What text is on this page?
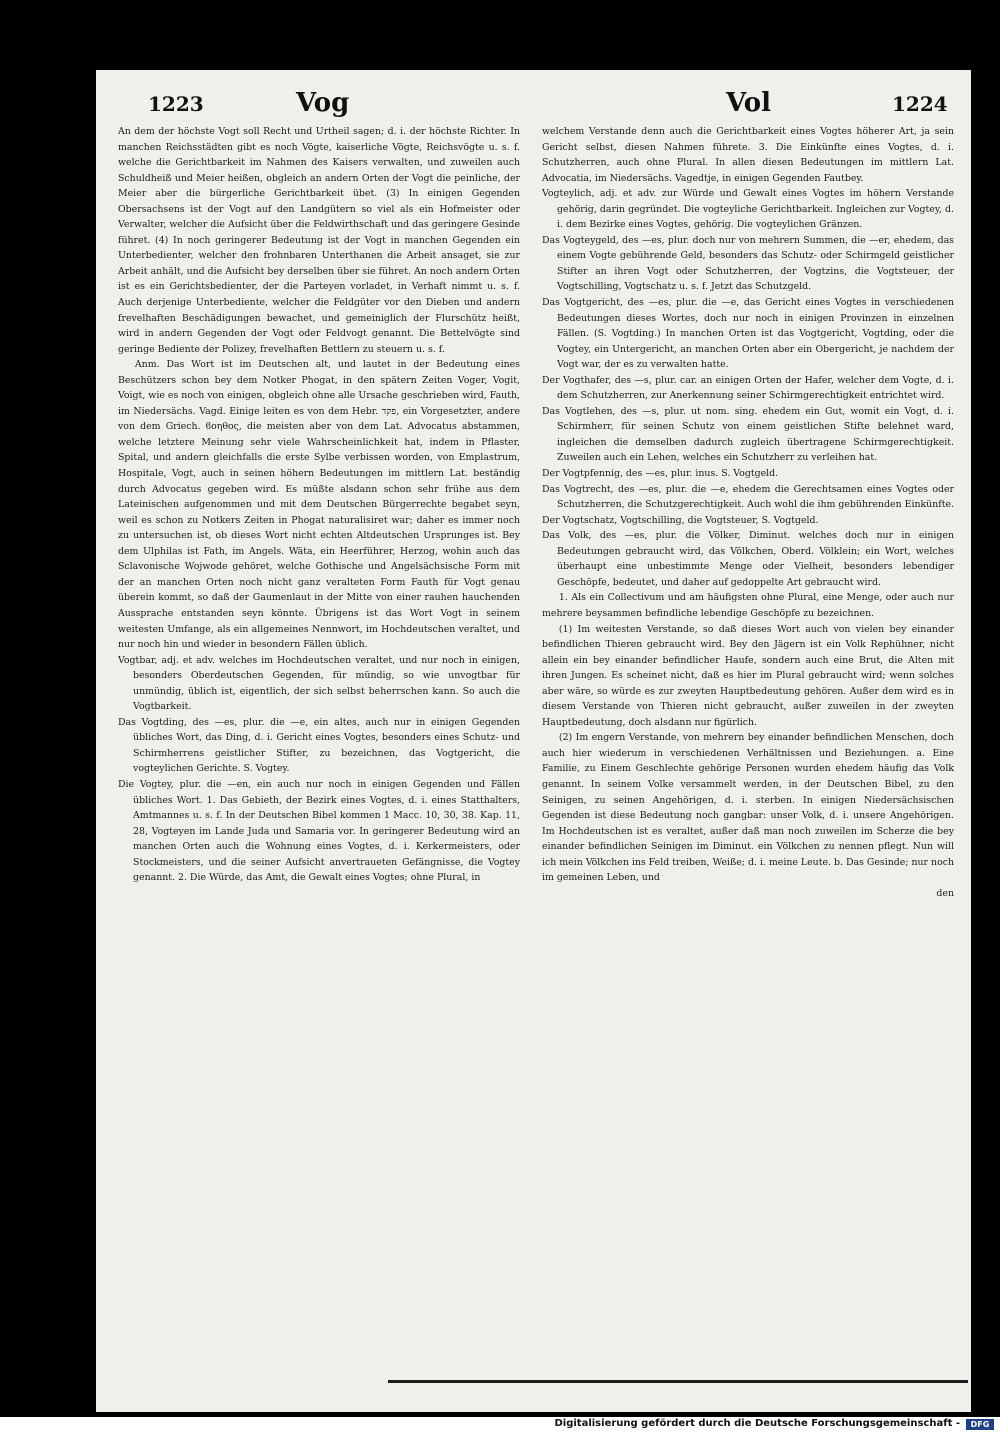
1223	Vog	Vol	1224

An dem der höchste Vogt soll Recht und Urtheil sagen; d. i. der höchste Richter. In manchen Reichsstädten gibt es noch Vögte, kaiserliche Vögte, Reichsvögte u. s. f. welche die Gerichtbarkeit im Nahmen des Kaisers verwalten, und zuweilen auch Schuldheiß und Meier heißen, obgleich an andern Orten der Vogt die peinliche, der Meier aber die bürgerliche Gerichtbarkeit übet. (3) In einigen Gegenden Obersachsens ist der Vogt auf den Landgütern so viel als ein Hofmeister oder Verwalter, welcher die Aufsicht über die Feldwirthschaft und das geringere Gesinde führet. (4) In noch geringerer Bedeutung ist der Vogt in manchen Gegenden ein Unterbedienter, welcher den frohnbaren Unterthanen die Arbeit ansaget, sie zur Arbeit anhält, und die Aufsicht bey derselben über sie führet. An noch andern Orten ist es ein Gerichtsbedienter, der die Parteyen vorladet, in Verhaft nimmt u. s. f. Auch derjenige Unterbediente, welcher die Feldgüter vor den Dieben und andern frevelhaften Beschädigungen bewachet, und gemeiniglich der Flurschütz heißt, wird in andern Gegenden der Vogt oder Feldvogt genannt. Die Bettelvögte sind geringe Bediente der Polizey, frevelhaften Bettlern zu steuern u. s. f.

Anm. Das Wort ist im Deutschen alt, und lautet in der Bedeutung eines Beschützers schon bey dem Notker Phogat, in den spätern Zeiten Voger, Vogit, Voigt, wie es noch von einigen, obgleich ohne alle Ursache geschrieben wird, Fauth, im Niedersächs. Vagd. Einige leiten es von dem Hebr. פקד, ein Vorgesetzter, andere von dem Griech. ϐοηθος, die meisten aber von dem Lat. Advocatus abstammen, welche letztere Meinung sehr viele Wahrscheinlichkeit hat, indem in Pflaster, Spital, und andern gleichfalls die erste Sylbe verbissen worden, von Emplastrum, Hospitale, Vogt, auch in seinen höhern Bedeutungen im mittlern Lat. beständig durch Advocatus gegeben wird. Es müßte alsdann schon sehr frühe aus dem Lateinischen aufgenommen und mit dem Deutschen Bürgerrechte begabet seyn, weil es schon zu Notkers Zeiten in Phogat naturalisiret war; daher es immer noch zu untersuchen ist, ob dieses Wort nicht echten Altdeutschen Ursprunges ist. Bey dem Ulphilas ist Fath, im Angels. Wäta, ein Heerführer, Herzog, wohin auch das Sclavonische Wojwode gehöret, welche Gothische und Angelsächsische Form mit der an manchen Orten noch nicht ganz veralteten Form Fauth für Vogt genau überein kommt, so daß der Gaumenlaut in der Mitte von einer rauhen hauchenden Aussprache entstanden seyn könnte. Übrigens ist das Wort Vogt in seinem weitesten Umfange, als ein allgemeines Nennwort, im Hochdeutschen veraltet, und nur noch hin und wieder in besondern Fällen üblich.

Vogtbar, adj. et adv. welches im Hochdeutschen veraltet, und nur noch in einigen, besonders Oberdeutschen Gegenden, für mündig, so wie unvogtbar für unmündig, üblich ist, eigentlich, der sich selbst beherrschen kann. So auch die Vogtbarkeit.

Das Vogtding, des —es, plur. die —e, ein altes, auch nur in einigen Gegenden übliches Wort, das Ding, d. i. Gericht eines Vogtes, besonders eines Schutz- und Schirmherrens geistlicher Stifter, zu bezeichnen, das Vogtgericht, die vogteylichen Gerichte. S. Vogtey.

Die Vogtey, plur. die —en, ein auch nur noch in einigen Gegenden und Fällen übliches Wort. 1. Das Gebieth, der Bezirk eines Vogtes, d. i. eines Statthalters, Amtmannes u. s. f. In der Deutschen Bibel kommen 1 Macc. 10, 30, 38. Kap. 11, 28, Vogteyen im Lande Juda und Samaria vor. In geringerer Bedeutung wird an manchen Orten auch die Wohnung eines Vogtes, d. i. Kerkermeisters, oder Stockmeisters, und die seiner Aufsicht anvertraueten Gefängnisse, die Vogtey genannt. 2. Die Würde, das Amt, die Gewalt eines Vogtes; ohne Plural, in

welchem Verstande denn auch die Gerichtbarkeit eines Vogtes höherer Art, ja sein Gericht selbst, diesen Nahmen führete. 3. Die Einkünfte eines Vogtes, d. i. Schutzherren, auch ohne Plural. In allen diesen Bedeutungen im mittlern Lat. Advocatia, im Niedersächs. Vagedtje, in einigen Gegenden Fautbey.

Vogteylich, adj. et adv. zur Würde und Gewalt eines Vogtes im höhern Verstande gehörig, darin gegründet. Die vogteyliche Gerichtbarkeit. Ingleichen zur Vogtey, d. i. dem Bezirke eines Vogtes, gehörig. Die vogteylichen Gränzen.

Das Vogteygeld, des —es, plur. doch nur von mehrern Summen, die —er, ehedem, das einem Vogte gebührende Geld, besonders das Schutz- oder Schirmgeld geistlicher Stifter an ihren Vogt oder Schutzherren, der Vogtzins, die Vogtsteuer, der Vogtschilling, Vogtschatz u. s. f. Jetzt das Schutzgeld.

Das Vogtgericht, des —es, plur. die —e, das Gericht eines Vogtes in verschiedenen Bedeutungen dieses Wortes, doch nur noch in einigen Provinzen in einzelnen Fällen. (S. Vogtding.) In manchen Orten ist das Vogtgericht, Vogtding, oder die Vogtey, ein Untergericht, an manchen Orten aber ein Obergericht, je nachdem der Vogt war, der es zu verwalten hatte.

Der Vogthafer, des —s, plur. car. an einigen Orten der Hafer, welcher dem Vogte, d. i. dem Schutzherren, zur Anerkennung seiner Schirmgerechtigkeit entrichtet wird.

Das Vogtlehen, des —s, plur. ut nom. sing. ehedem ein Gut, womit ein Vogt, d. i. Schirmherr, für seinen Schutz von einem geistlichen Stifte belehnet ward, ingleichen die demselben dadurch zugleich übertragene Schirmgerechtigkeit. Zuweilen auch ein Lehen, welches ein Schutzherr zu verleihen hat.

Der Vogtpfennig, des —es, plur. inus. S. Vogtgeld.

Das Vogtrecht, des —es, plur. die —e, ehedem die Gerechtsamen eines Vogtes oder Schutzherren, die Schutzgerechtigkeit. Auch wohl die ihm gebührenden Einkünfte.

Der Vogtschatz, Vogtschilling, die Vogtsteuer, S. Vogtgeld.

Das Volk, des —es, plur. die Völker, Diminut. welches doch nur in einigen Bedeutungen gebraucht wird, das Völkchen, Oberd. Völklein; ein Wort, welches überhaupt eine unbestimmte Menge oder Vielheit, besonders lebendiger Geschöpfe, bedeutet, und daher auf gedoppelte Art gebraucht wird.

1. Als ein Collectivum und am häufigsten ohne Plural, eine Menge, oder auch nur mehrere beysammen befindliche lebendige Geschöpfe zu bezeichnen.

(1) Im weitesten Verstande, so daß dieses Wort auch von vielen bey einander befindlichen Thieren gebraucht wird. Bey den Jägern ist ein Volk Rephühner, nicht allein ein bey einander befindlicher Haufe, sondern auch eine Brut, die Alten mit ihren Jungen. Es scheinet nicht, daß es hier im Plural gebraucht wird; wenn solches aber wäre, so würde es zur zweyten Hauptbedeutung gehören. Außer dem wird es in diesem Verstande von Thieren nicht gebraucht, außer zuweilen in der zweyten Hauptbedeutung, doch alsdann nur figürlich.

(2) Im engern Verstande, von mehrern bey einander befindlichen Menschen, doch auch hier wiederum in verschiedenen Verhältnissen und Beziehungen. a. Eine Familie, zu Einem Geschlechte gehörige Personen wurden ehedem häufig das Volk genannt. In seinem Volke versammelt werden, in der Deutschen Bibel, zu den Seinigen, zu seinen Angehörigen, d. i. sterben. In einigen Niedersächsischen Gegenden ist diese Bedeutung noch gangbar: unser Volk, d. i. unsere Angehörigen. Im Hochdeutschen ist es veraltet, außer daß man noch zuweilen im Scherze die bey einander befindlichen Seinigen im Diminut. ein Völkchen zu nennen pflegt. Nun will ich mein Völkchen ins Feld treiben, Weiße; d. i. meine Leute. b. Das Gesinde; nur noch im gemeinen Leben, und

den

Digitalisierung gefördert durch die Deutsche Forschungsgemeinschaft -	DFG
